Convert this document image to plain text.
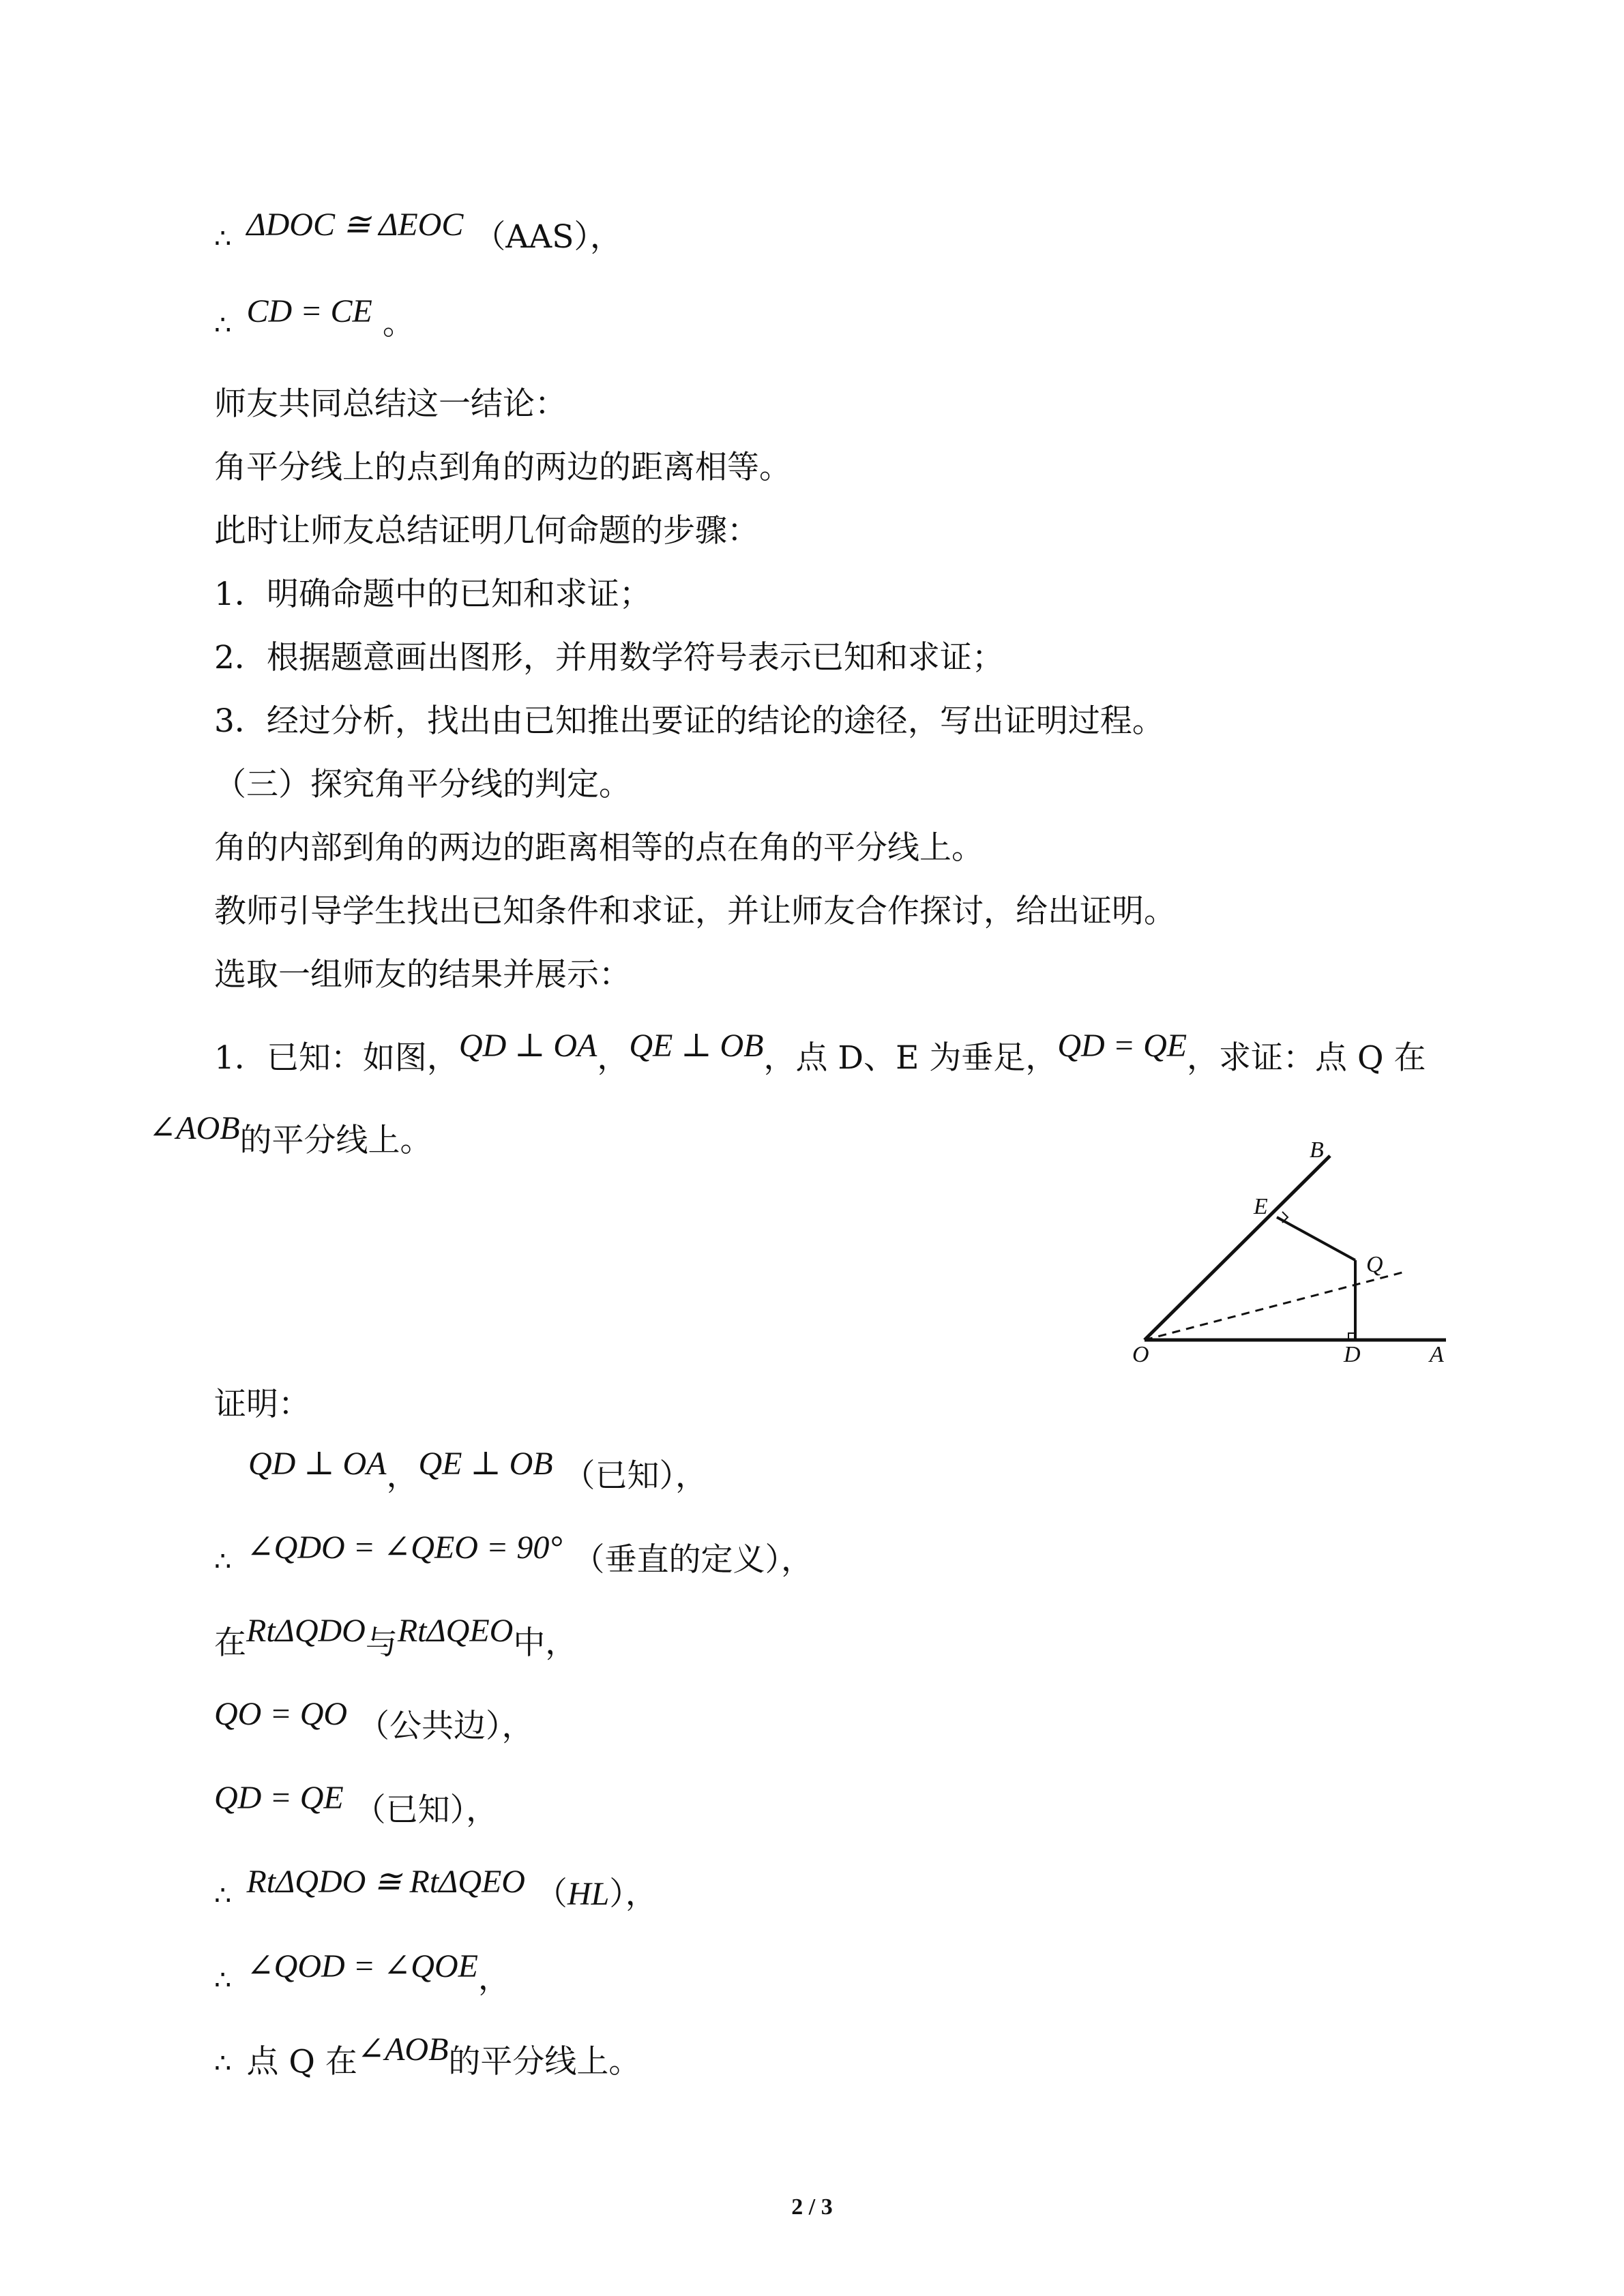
∴ ΔDOC ≅ ΔEOC （AAS），
∴ CD = CE 。
师友共同总结这一结论：
角平分线上的点到角的两边的距离相等。
此时让师友总结证明几何命题的步骤：
1．明确命题中的已知和求证；
2．根据题意画出图形，并用数学符号表示已知和求证；
3．经过分析，找出由已知推出要证的结论的途径，写出证明过程。
（三）探究角平分线的判定。
角的内部到角的两边的距离相等的点在角的平分线上。
教师引导学生找出已知条件和求证，并让师友合作探讨，给出证明。
选取一组师友的结果并展示：
1．已知：如图，QD ⊥ OA，QE ⊥ OB，点 D、E 为垂足，QD = QE，求证：点 Q 在
∠AOB的平分线上。	B
E
Q
O	D	A
证明：
QD ⊥ OA，QE ⊥ OB （已知），
∴ ∠QDO = ∠QEO = 90° （垂直的定义），
在RtΔQDO与RtΔQEO中，
QO = QO （公共边），
QD = QE （已知），
∴ RtΔQDO ≅ RtΔQEO （HL），
∴ ∠QOD = ∠QOE，
∴ 点 Q 在∠AOB的平分线上。
2 / 3
